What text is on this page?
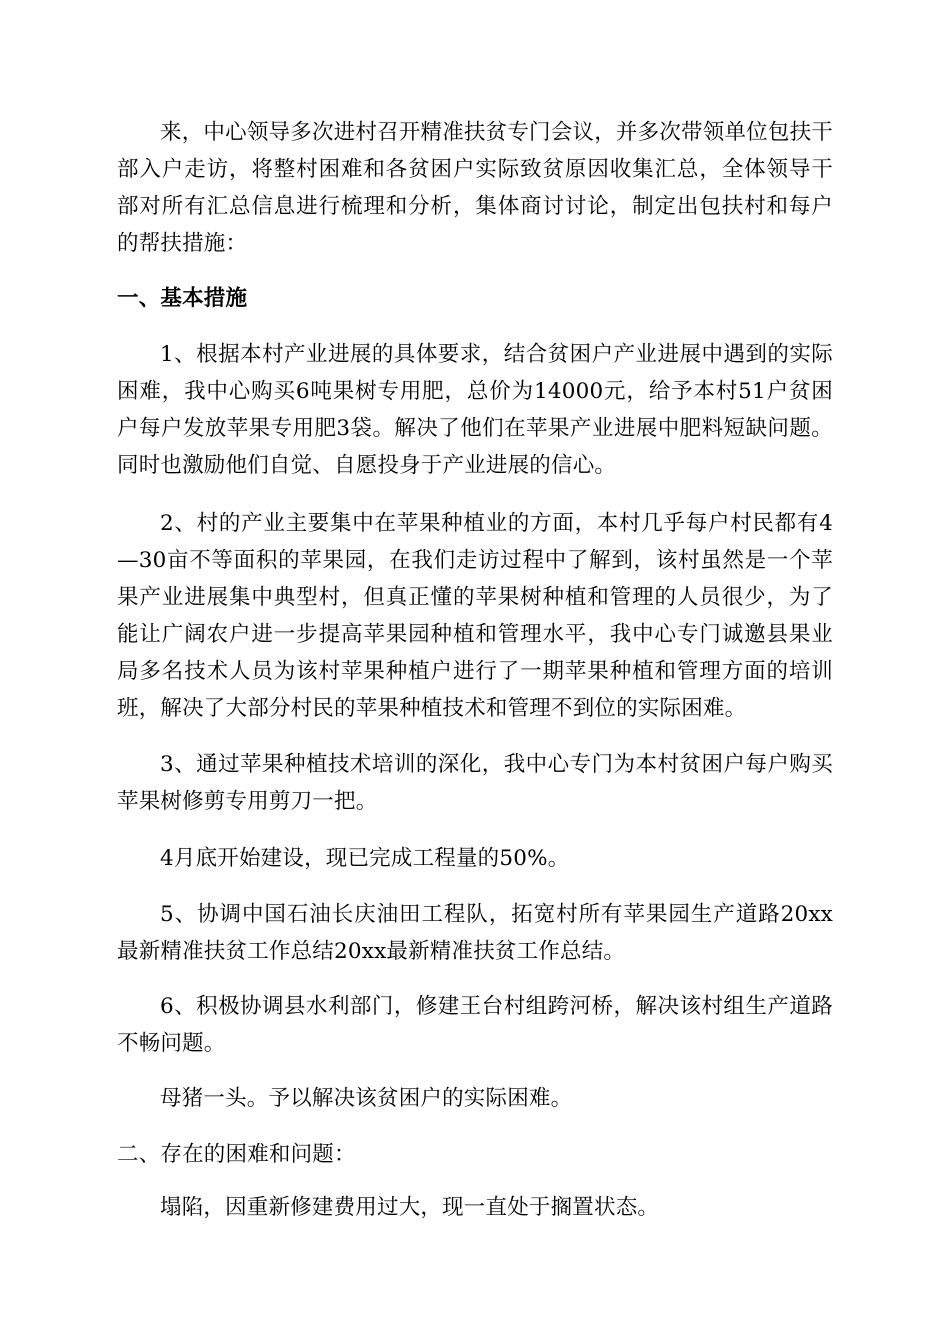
来，中心领导多次进村召开精准扶贫专门会议，并多次带领单位包扶干部入户走访，将整村困难和各贫困户实际致贫原因收集汇总，全体领导干部对所有汇总信息进行梳理和分析，集体商讨讨论，制定出包扶村和每户的帮扶措施：

一、基本措施

1、根据本村产业进展的具体要求，结合贫困户产业进展中遇到的实际困难，我中心购买6吨果树专用肥，总价为14000元，给予本村51户贫困户每户发放苹果专用肥3袋。解决了他们在苹果产业进展中肥料短缺问题。同时也激励他们自觉、自愿投身于产业进展的信心。

2、村的产业主要集中在苹果种植业的方面，本村几乎每户村民都有4—30亩不等面积的苹果园，在我们走访过程中了解到，该村虽然是一个苹果产业进展集中典型村，但真正懂的苹果树种植和管理的人员很少，为了能让广阔农户进一步提高苹果园种植和管理水平，我中心专门诚邀县果业局多名技术人员为该村苹果种植户进行了一期苹果种植和管理方面的培训班，解决了大部分村民的苹果种植技术和管理不到位的实际困难。

3、通过苹果种植技术培训的深化，我中心专门为本村贫困户每户购买苹果树修剪专用剪刀一把。

4月底开始建设，现已完成工程量的50%。

5、协调中国石油长庆油田工程队，拓宽村所有苹果园生产道路20xx最新精准扶贫工作总结20xx最新精准扶贫工作总结。

6、积极协调县水利部门，修建王台村组跨河桥，解决该村组生产道路不畅问题。

母猪一头。予以解决该贫困户的实际困难。

二、存在的困难和问题：

塌陷，因重新修建费用过大，现一直处于搁置状态。
